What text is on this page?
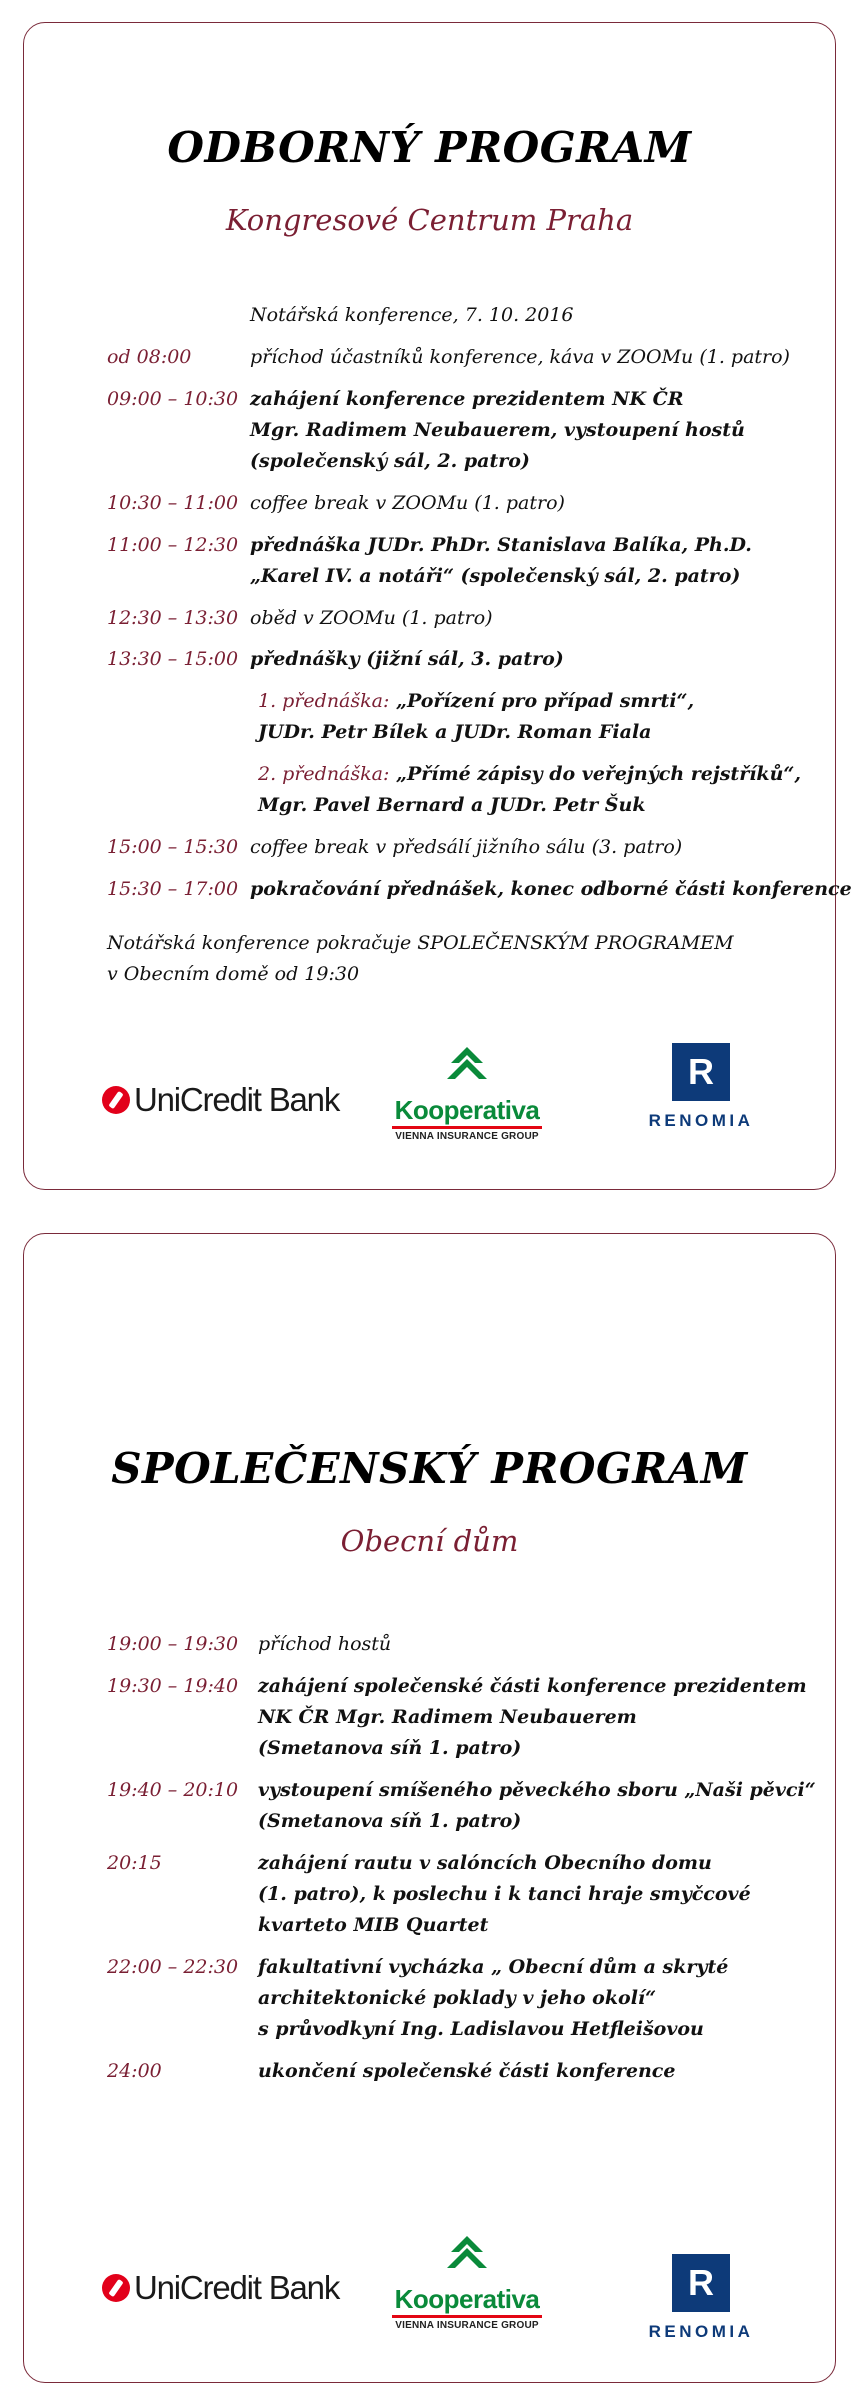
ODBORNÝ PROGRAM
Kongresové Centrum Praha
Notářská konference, 7. 10. 2016
od 08:00	příchod účastníků konference, káva v ZOOMu (1. patro)
09:00 – 10:30 zahájení konference prezidentem NK ČR
Mgr. Radimem Neubauerem, vystoupení hostů
(společenský sál, 2. patro)
10:30 – 11:00 coffee break v ZOOMu (1. patro)
11:00 – 12:30 přednáška JUDr. PhDr. Stanislava Balíka, Ph.D.
„Karel IV. a notáři“ (společenský sál, 2. patro)
12:30 – 13:30 oběd v ZOOMu (1. patro)
13:30 – 15:00 přednášky (jižní sál, 3. patro)
1. přednáška: „Pořízení pro případ smrti“,
JUDr. Petr Bílek a JUDr. Roman Fiala
2. přednáška: „Přímé zápisy do veřejných rejstříků“,
Mgr. Pavel Bernard a JUDr. Petr Šuk
15:00 – 15:30 coffee break v předsálí jižního sálu (3. patro)
15:30 – 17:00 pokračování přednášek, konec odborné části konference
Notářská konference pokračuje SPOLEČENSKÝM PROGRAMEM
v Obecním domě od 19:30
UniCredit Bank Kooperativa
VIENNA INSURANCE GROUP
R
RENOMIA
SPOLEČENSKÝ PROGRAM
Obecní dům
19:00 – 19:30 příchod hostů
19:30 – 19:40 zahájení společenské části konference prezidentem
NK ČR Mgr. Radimem Neubauerem
(Smetanova síň 1. patro)
19:40 – 20:10 vystoupení smíšeného pěveckého sboru „Naši pěvci“
(Smetanova síň 1. patro)
20:15	zahájení rautu v salóncích Obecního domu
(1. patro), k poslechu i k tanci hraje smyčcové
kvarteto MIB Quartet
22:00 – 22:30 fakultativní vycházka „ Obecní dům a skryté
architektonické poklady v jeho okolí“
s průvodkyní Ing. Ladislavou Hetfleišovou
24:00	ukončení společenské části konference
UniCredit Bank Kooperativa
VIENNA INSURANCE GROUP
R
RENOMIA
